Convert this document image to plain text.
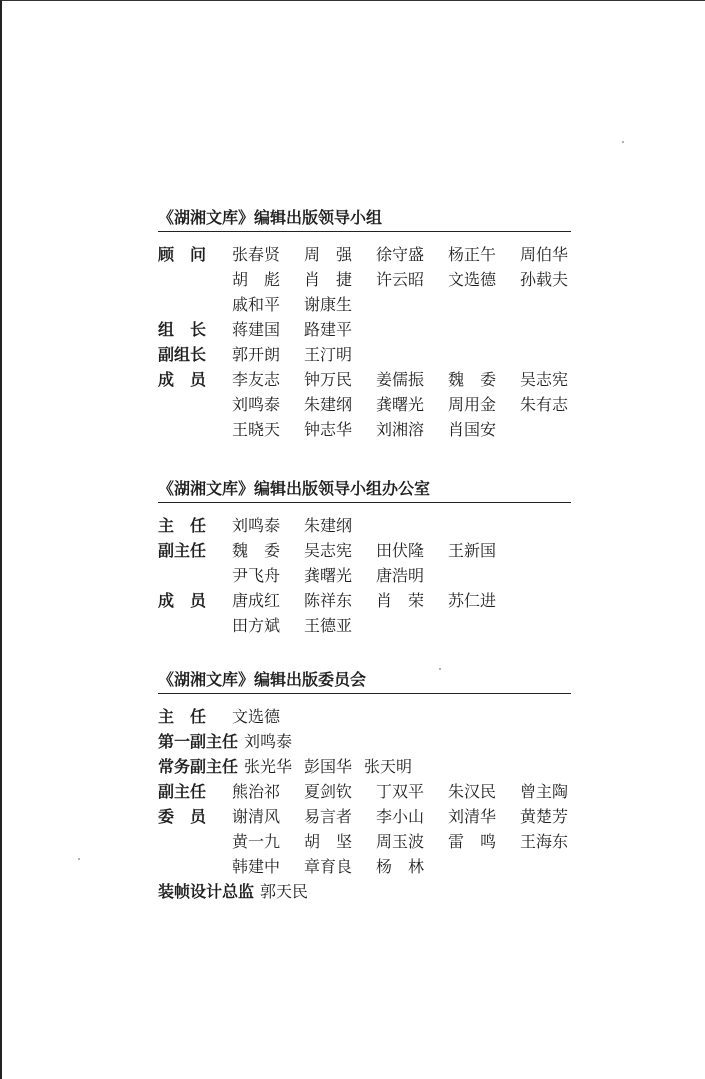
《湖湘文库》编辑出版领导小组
顾　问	张春贤	周　强	徐守盛	杨正午	周伯华
胡　彪	肖　捷	许云昭	文选德	孙载夫
戚和平	谢康生
组　长	蒋建国	路建平
副组长	郭开朗	王汀明
成　员	李友志	钟万民	姜儒振	魏　委	吴志宪
刘鸣泰	朱建纲	龚曙光	周用金	朱有志
王晓天	钟志华	刘湘溶	肖国安
《湖湘文库》编辑出版领导小组办公室
主　任	刘鸣泰	朱建纲
副主任	魏　委	吴志宪	田伏隆	王新国
尹飞舟	龚曙光	唐浩明
成　员	唐成红	陈祥东	肖　荣	苏仁进
田方斌	王德亚
《湖湘文库》编辑出版委员会
主　任	文选德
第一副主任 刘鸣泰
常务副主任 张光华 彭国华 张天明
副主任	熊治祁	夏剑钦	丁双平	朱汉民	曾主陶
委　员	谢清风	易言者	李小山	刘清华	黄楚芳
黄一九	胡　坚	周玉波	雷　鸣	王海东
韩建中	章育良	杨　林
装帧设计总监 郭天民
